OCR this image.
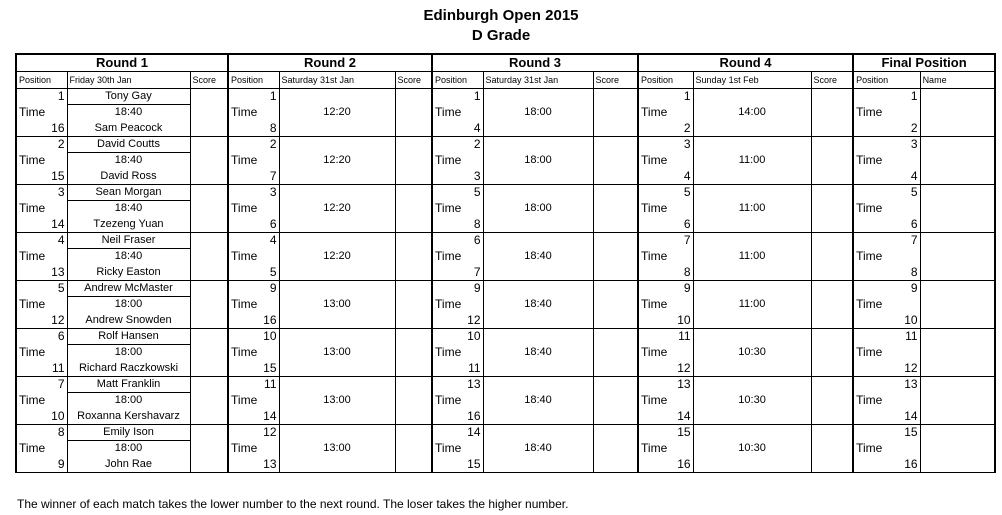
Edinburgh Open 2015
D Grade
Round 1			Round 2			Round 3			Round 4			Final Position	
Position	Friday 30th Jan	Score	Position	Saturday 31st Jan	Score	Position	Saturday 31st Jan	Score	Position	Sunday 1st Feb	Score	Position	Name
1	Tony Gay		1			1			1			1	
Time	18:40		Time	12:20		Time	18:00		Time	14:00		Time	
16	Sam Peacock		8			4			2			2	
2	David Coutts		2			2			3			3	
Time	18:40		Time	12:20		Time	18:00		Time	11:00		Time	
15	David Ross		7			3			4			4	
3	Sean Morgan		3			5			5			5	
Time	18:40		Time	12:20		Time	18:00		Time	11:00		Time	
14	Tzezeng Yuan		6			8			6			6	
4	Neil Fraser		4			6			7			7	
Time	18:40		Time	12:20		Time	18:40		Time	11:00		Time	
13	Ricky Easton		5			7			8			8	
5	Andrew McMaster		9			9			9			9	
Time	18:00		Time	13:00		Time	18:40		Time	11:00		Time	
12	Andrew Snowden		16			12			10			10	
6	Rolf Hansen		10			10			11			11	
Time	18:00		Time	13:00		Time	18:40		Time	10:30		Time	
11	Richard Raczkowski		15			11			12			12	
7	Matt Franklin		11			13			13			13	
Time	18:00		Time	13:00		Time	18:40		Time	10:30		Time	
10	Roxanna Kershavarz		14			16			14			14	
8	Emily Ison		12			14			15			15	
Time	18:00		Time	13:00		Time	18:40		Time	10:30		Time	
9	John Rae		13			15			16			16	
The winner of each match takes the lower number to the next round. The loser takes the higher number.
